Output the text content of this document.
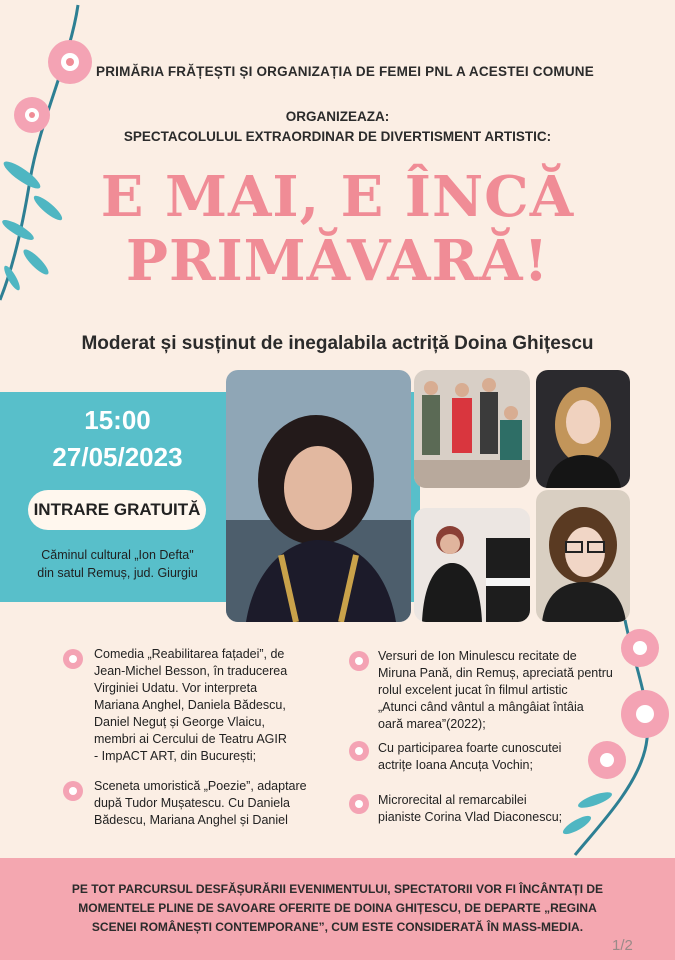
PRIMĂRIA FRĂȚEȘTI ȘI ORGANIZAȚIA DE FEMEI PNL A ACESTEI COMUNE
ORGANIZEAZA:
SPECTACOLULUL EXTRAORDINAR DE DIVERTISMENT ARTISTIC:
E MAI, E ÎNCĂ
PRIMĂVARĂ!
Moderat și susținut de inegalabila actriță Doina Ghițescu
15:00
27/05/2023
INTRARE GRATUITĂ
Căminul cultural „Ion Defta"
din satul Remuș, jud. Giurgiu
Comedia „Reabilitarea fațadei”, de
Jean-Michel Besson, în traducerea
Virginiei Udatu. Vor interpreta
Mariana Anghel, Daniela Bădescu,
Daniel Neguț și George Vlaicu,
membri ai Cercului de Teatru AGIR
- ImpACT ART, din București;
Sceneta umoristică „Poezie”, adaptare
după Tudor Mușatescu. Cu Daniela
Bădescu, Mariana Anghel și Daniel
Versuri de Ion Minulescu recitate de
Miruna Pană, din Remuș, apreciată pentru
rolul excelent jucat în filmul artistic
„Atunci când vântul a mângâiat întâia
oară marea”(2022);
Cu participarea foarte cunoscutei
actrițe Ioana Ancuța Vochin;
Microrecital al remarcabilei
pianiste Corina Vlad Diaconescu;
PE TOT PARCURSUL DESFĂȘURĂRII EVENIMENTULUI, SPECTATORII VOR FI ÎNCÂNTAȚI DE
MOMENTELE PLINE DE SAVOARE OFERITE DE DOINA GHIȚESCU, DE DEPARTE „REGINA
SCENEI ROMÂNEȘTI CONTEMPORANE”, CUM ESTE CONSIDERATĂ ÎN MASS-MEDIA.
1/2
